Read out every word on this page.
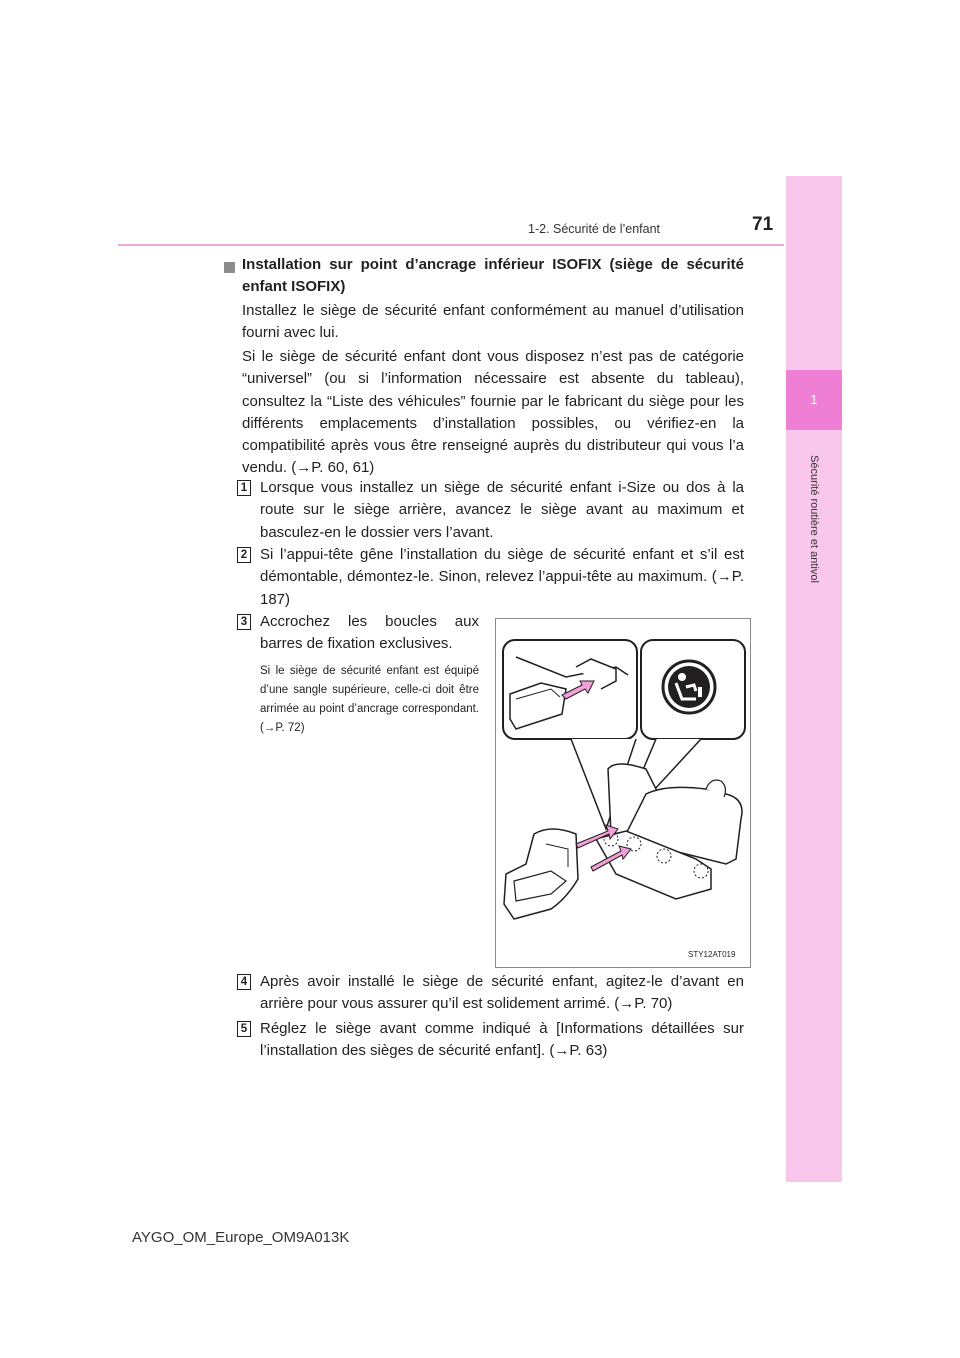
1
Sécurité routière et antivol
1-2. Sécurité de l’enfant	71
Installation sur point d’ancrage inférieur ISOFIX (siège de sécurité enfant ISOFIX)
Installez le siège de sécurité enfant conformément au manuel d’utilisation fourni avec lui.
Si le siège de sécurité enfant dont vous disposez n’est pas de catégorie “universel” (ou si l’information nécessaire est absente du tableau), consultez la “Liste des véhicules” fournie par le fabricant du siège pour les différents emplacements d’installation possibles, ou vérifiez-en la compatibilité après vous être renseigné auprès du distributeur qui vous l’a vendu. (→P. 60, 61)
1 Lorsque vous installez un siège de sécurité enfant i-Size ou dos à la route sur le siège arrière, avancez le siège avant au maximum et basculez-en le dossier vers l’avant.
2 Si l’appui-tête gêne l’installation du siège de sécurité enfant et s’il est démontable, démontez-le. Sinon, relevez l’appui-tête au maximum. (→P. 187)
3 Accrochez les boucles aux barres de fixation exclusives.
Si le siège de sécurité enfant est équipé d’une sangle supérieure, celle-ci doit être arrimée au point d’ancrage correspondant. (→P. 72)
STY12AT019
4 Après avoir installé le siège de sécurité enfant, agitez-le d’avant en arrière pour vous assurer qu’il est solidement arrimé. (→P. 70)
5 Réglez le siège avant comme indiqué à [Informations détaillées sur l’installation des sièges de sécurité enfant]. (→P. 63)
AYGO_OM_Europe_OM9A013K
